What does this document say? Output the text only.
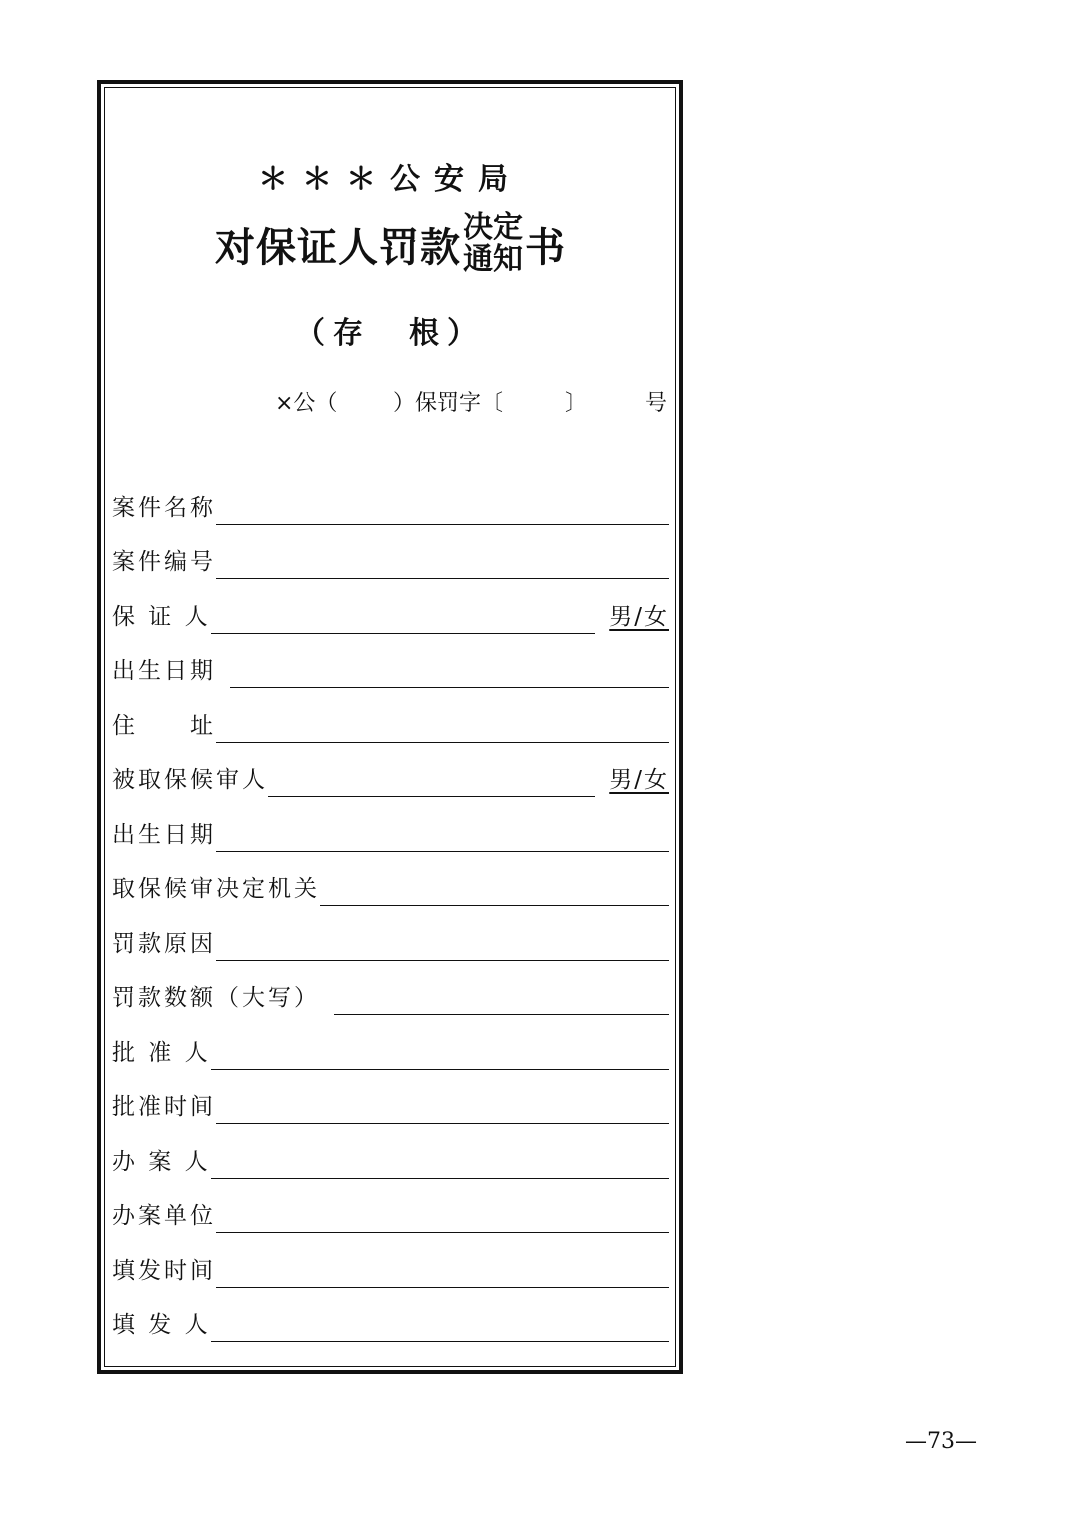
＊＊＊公安局
对保证人罚款 决定
通知 书
（存　根）
×公（	）保罚字〔	〕	号
案件名称
案件编号
保 证 人	男/女
出生日期
住　　址
被取保候审人	男/女
出生日期
取保候审决定机关
罚款原因
罚款数额（大写）
批 准 人
批准时间
办 案 人
办案单位
填发时间
填 发 人
—73—
